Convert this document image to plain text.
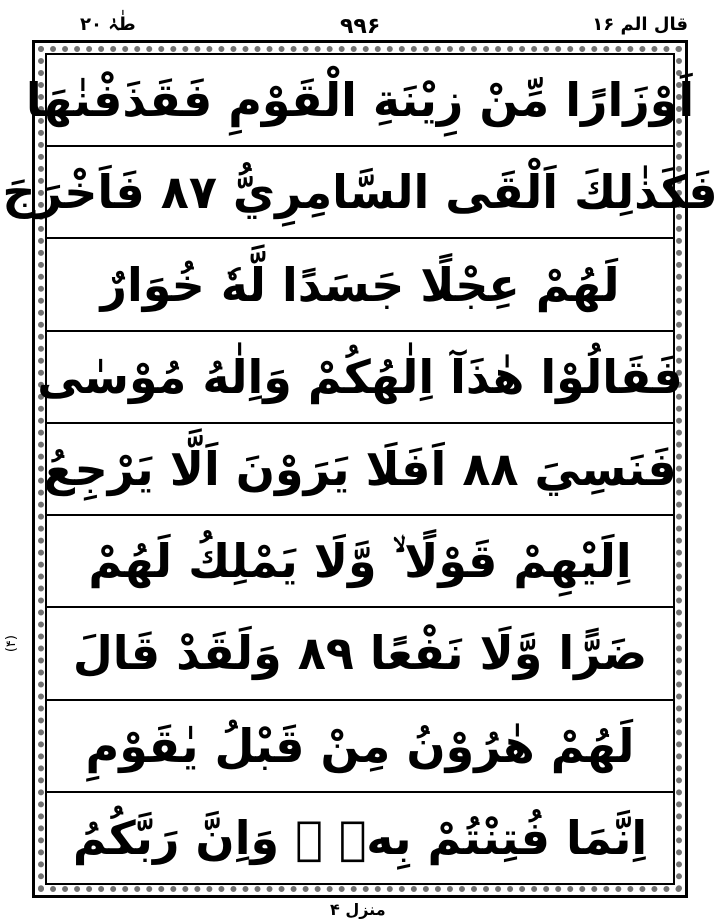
طٰہٰ ۲۰	۹۹۶	قال الم ۱۶
(۴)
اَوْزَارًا مِّنْ زِيْنَةِ الْقَوْمِ فَقَذَفْنٰهَا
فَكَذٰلِكَ اَلْقَى السَّامِرِيُّ ۸۷ فَاَخْرَجَ
لَهُمْ عِجْلًا جَسَدًا لَّهٗ خُوَارٌ
فَقَالُوْا هٰذَآ اِلٰهُكُمْ وَاِلٰهُ مُوْسٰى
فَنَسِيَ ۸۸ اَفَلَا يَرَوْنَ اَلَّا يَرْجِعُ
اِلَيْهِمْ قَوْلًا ۙ وَّلَا يَمْلِكُ لَهُمْ
ضَرًّا وَّلَا نَفْعًا ۸۹ وَلَقَدْ قَالَ
لَهُمْ هٰرُوْنُ مِنْ قَبْلُ يٰقَوْمِ
اِنَّمَا فُتِنْتُمْ بِهٖ ۚ وَاِنَّ رَبَّكُمُ
منزل ۴
